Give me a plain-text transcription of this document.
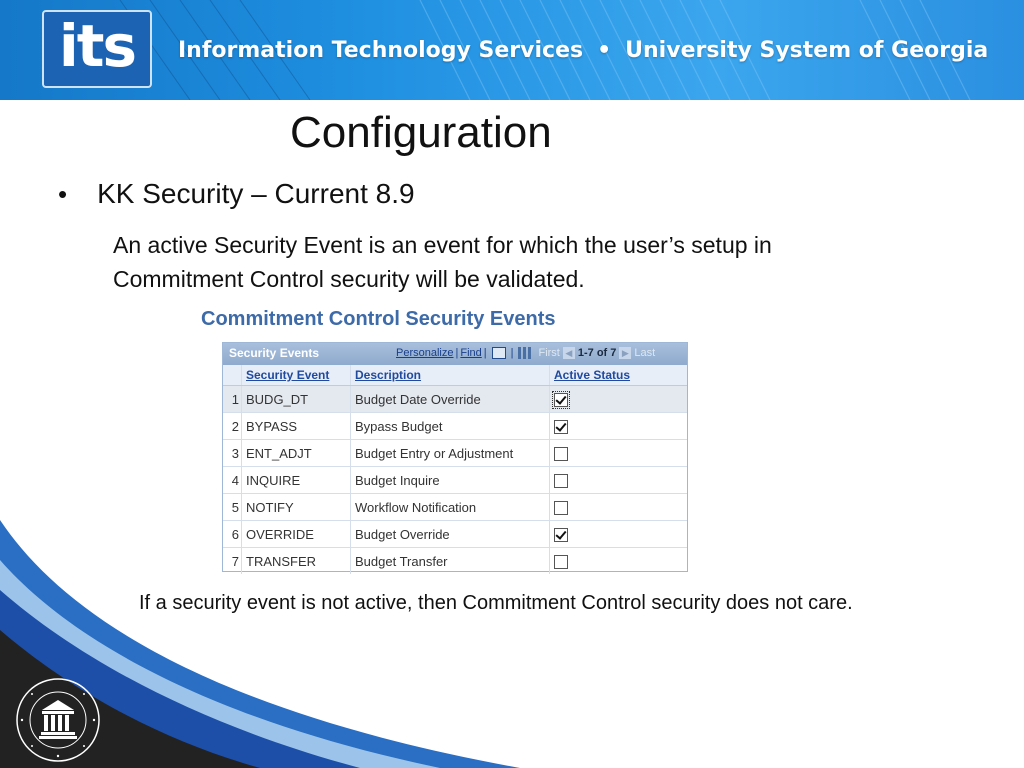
its Information Technology Services • University System of Georgia
Configuration
• KK Security – Current 8.9
An active Security Event is an event for which the user’s setup in Commitment Control security will be validated.
Commitment Control Security Events
Security Events	Personalize | Find | | First ◀ 1-7 of 7 ▶ Last
	Security Event	Description	Active Status
1	BUDG_DT	Budget Date Override	
2	BYPASS	Bypass Budget	
3	ENT_ADJT	Budget Entry or Adjustment	
4	INQUIRE	Budget Inquire	
5	NOTIFY	Workflow Notification	
6	OVERRIDE	Budget Override	
7	TRANSFER	Budget Transfer	
If a security event is not active, then Commitment Control security does not care.
